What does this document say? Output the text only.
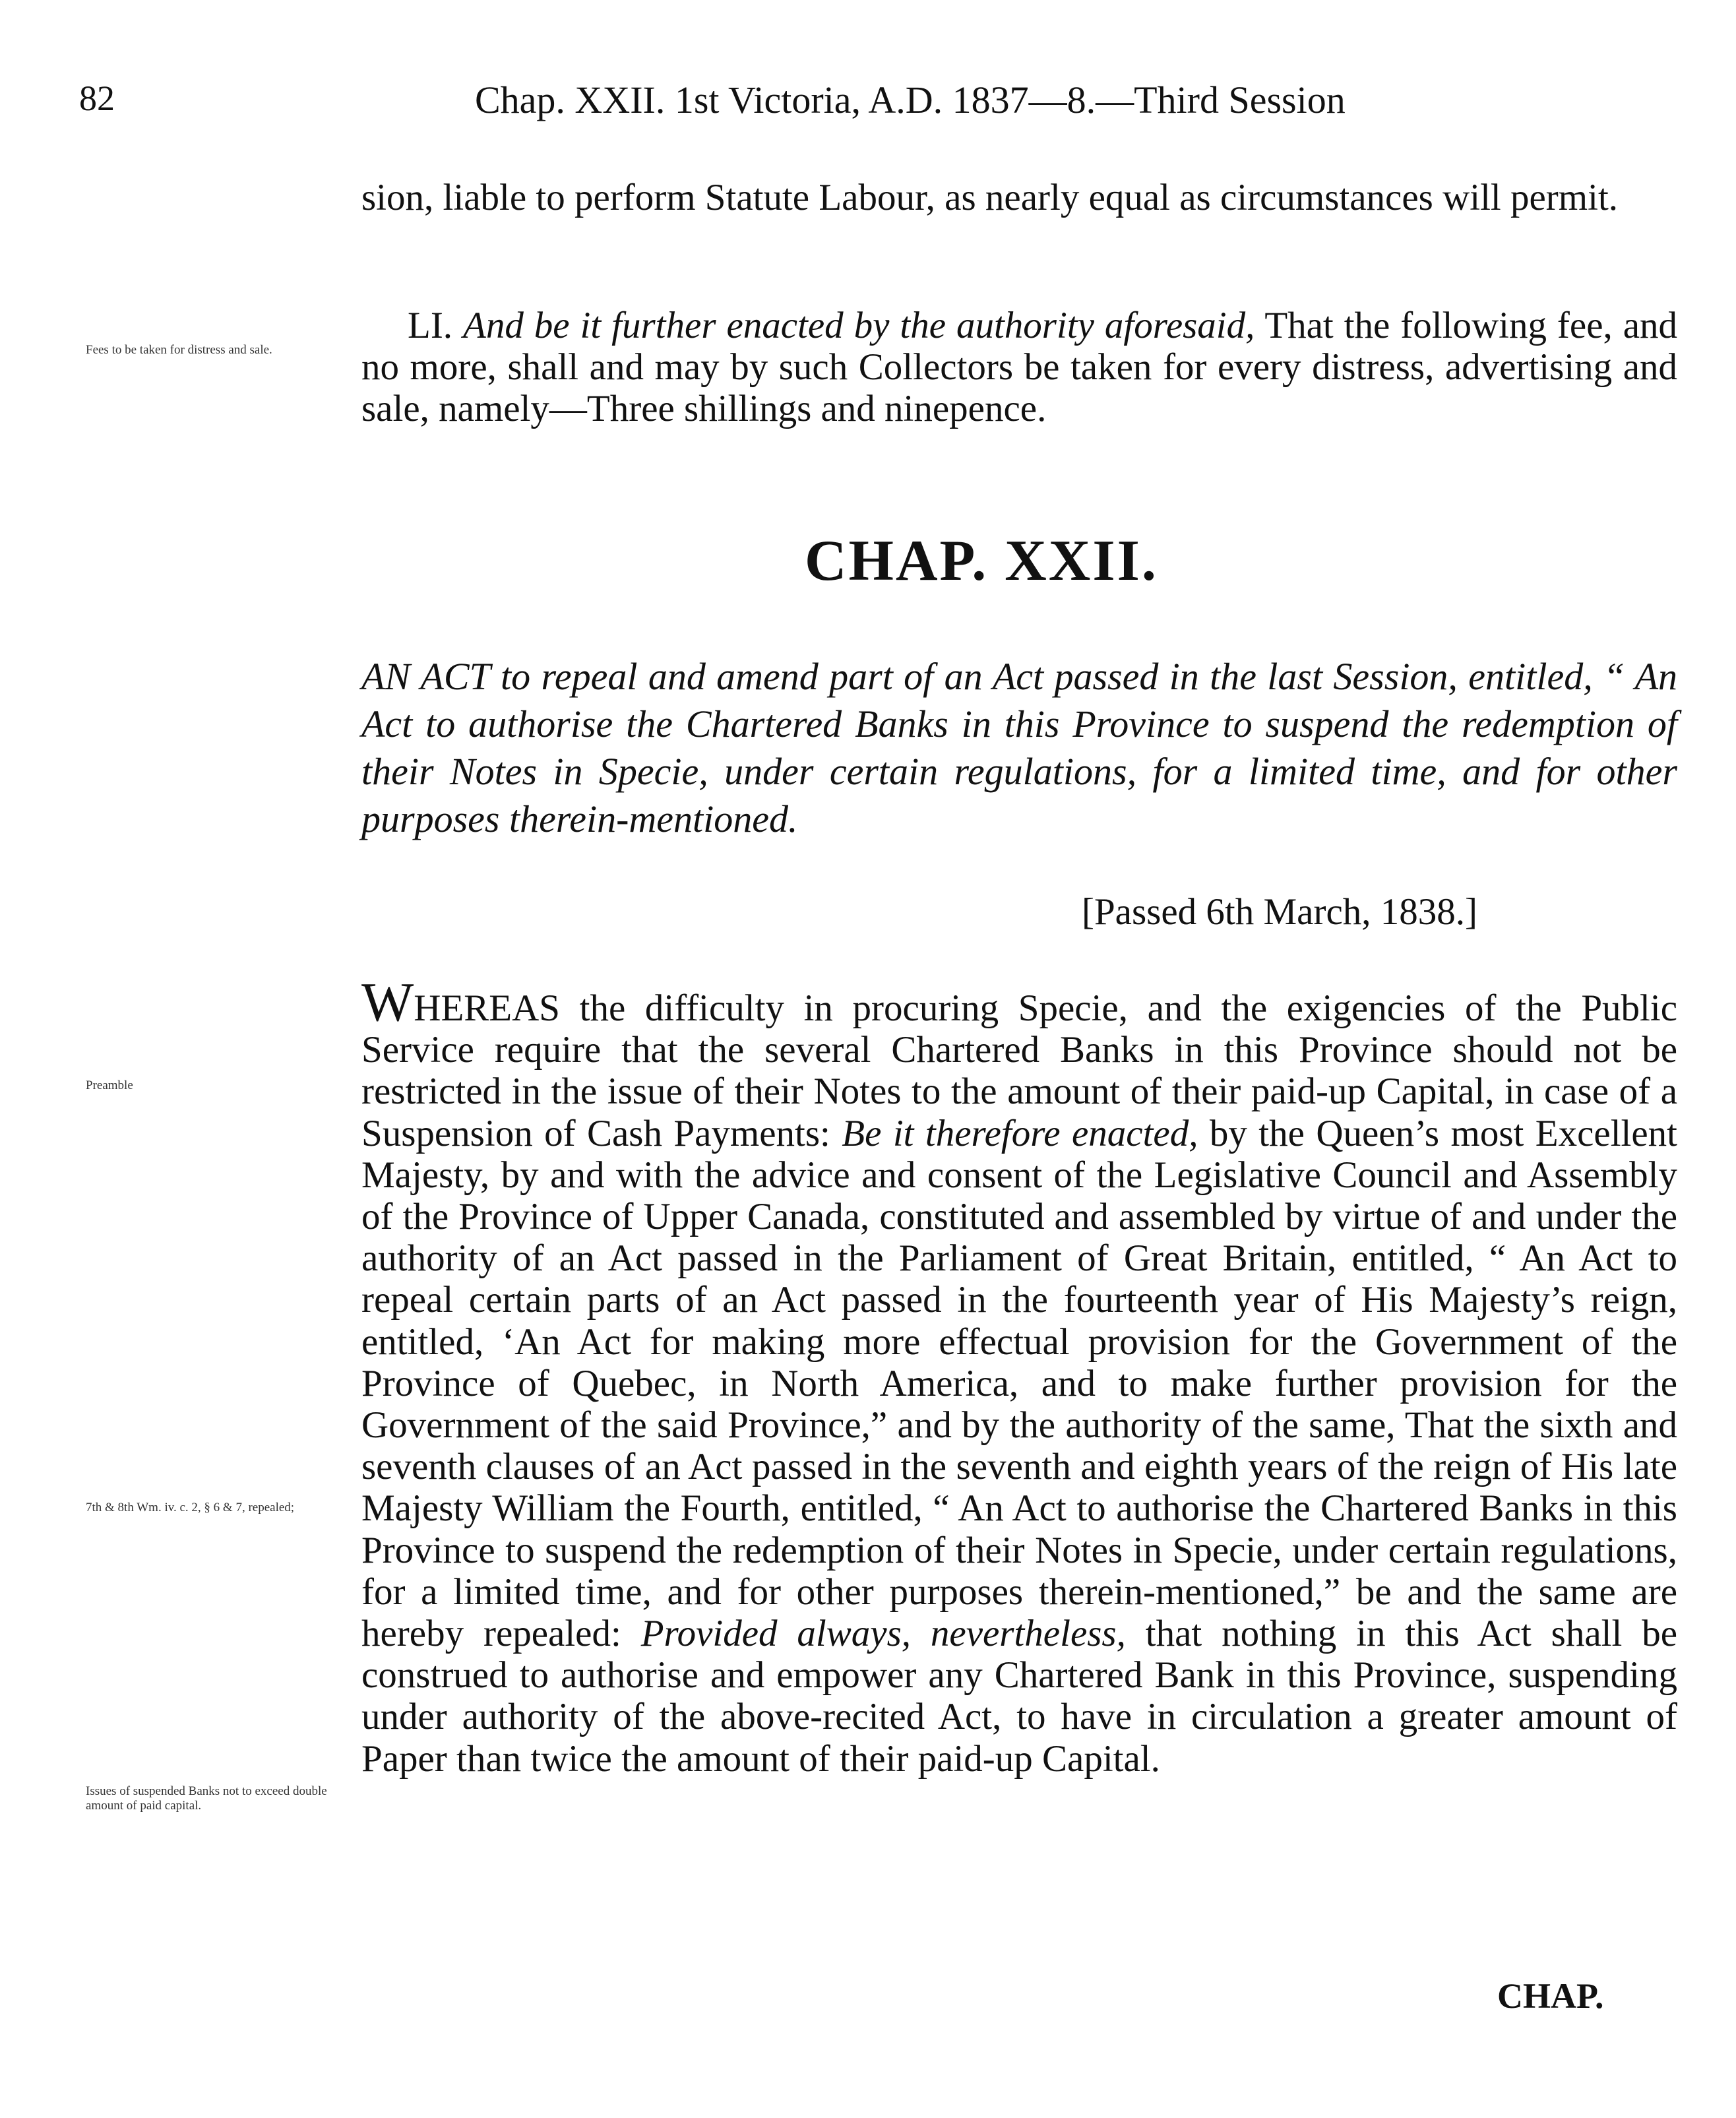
82	Chap. XXII. 1st Victoria, A.D. 1837—8.—Third Session

sion, liable to perform Statute Labour, as nearly equal as circumstances will permit.

Fees to be taken for distress and sale.

LI. And be it further enacted by the authority aforesaid, That the following fee, and no more, shall and may by such Collectors be taken for every distress, advertising and sale, namely—Three shillings and ninepence.

CHAP. XXII.
AN ACT to repeal and amend part of an Act passed in the last Session, entitled, “ An Act to authorise the Chartered Banks in this Province to suspend the redemption of their Notes in Specie, under certain regulations, for a limited time, and for other purposes therein-mentioned.
[Passed 6th March, 1838.]
Preamble
7th & 8th Wm. iv. c. 2, § 6 & 7, repealed;
Issues of suspended Banks not to exceed double amount of paid capital.
WHEREAS the difficulty in procuring Specie, and the exigencies of the Public Service require that the several Chartered Banks in this Province should not be restricted in the issue of their Notes to the amount of their paid-up Capital, in case of a Suspension of Cash Payments: Be it therefore enacted, by the Queen’s most Excellent Majesty, by and with the advice and consent of the Legislative Council and Assembly of the Province of Upper Canada, constituted and assembled by virtue of and under the authority of an Act passed in the Parliament of Great Britain, entitled, “ An Act to repeal certain parts of an Act passed in the fourteenth year of His Majesty’s reign, entitled, ‘An Act for making more effectual provision for the Government of the Province of Quebec, in North America, and to make further provision for the Government of the said Province,” and by the authority of the same, That the sixth and seventh clauses of an Act passed in the seventh and eighth years of the reign of His late Majesty William the Fourth, entitled, “ An Act to authorise the Chartered Banks in this Province to suspend the redemption of their Notes in Specie, under certain regulations, for a limited time, and for other purposes therein-mentioned,” be and the same are hereby repealed: Provided always, nevertheless, that nothing in this Act shall be construed to authorise and empower any Chartered Bank in this Province, suspending under authority of the above-recited Act, to have in circulation a greater amount of Paper than twice the amount of their paid-up Capital.
CHAP.
